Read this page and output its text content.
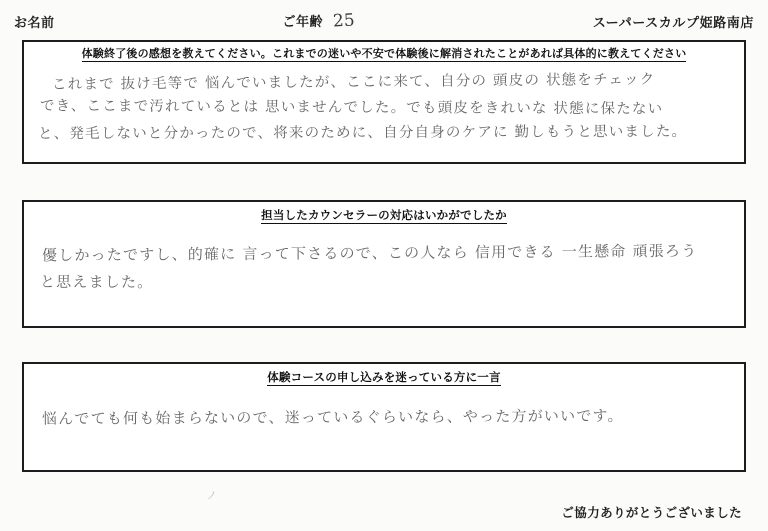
お名前	ご年齢 25	スーパースカルプ姫路南店
体験終了後の感想を教えてください。これまでの迷いや不安で体験後に解消されたことがあれば具体的に教えてください
これまで 抜け毛等で 悩んでいましたが、ここに来て、自分の 頭皮の 状態をチェック
でき、ここまで汚れているとは 思いませんでした。でも頭皮をきれいな 状態に保たない
と、発毛しないと分かったので、将来のために、自分自身のケアに 勤しもうと思いました。
担当したカウンセラーの対応はいかがでしたか
優しかったですし、的確に 言って下さるので、この人なら 信用できる 一生懸命 頑張ろう
と思えました。
体験コースの申し込みを迷っている方に一言
悩んでても何も始まらないので、迷っているぐらいなら、やった方がいいです。
ノ
ご協力ありがとうございました
